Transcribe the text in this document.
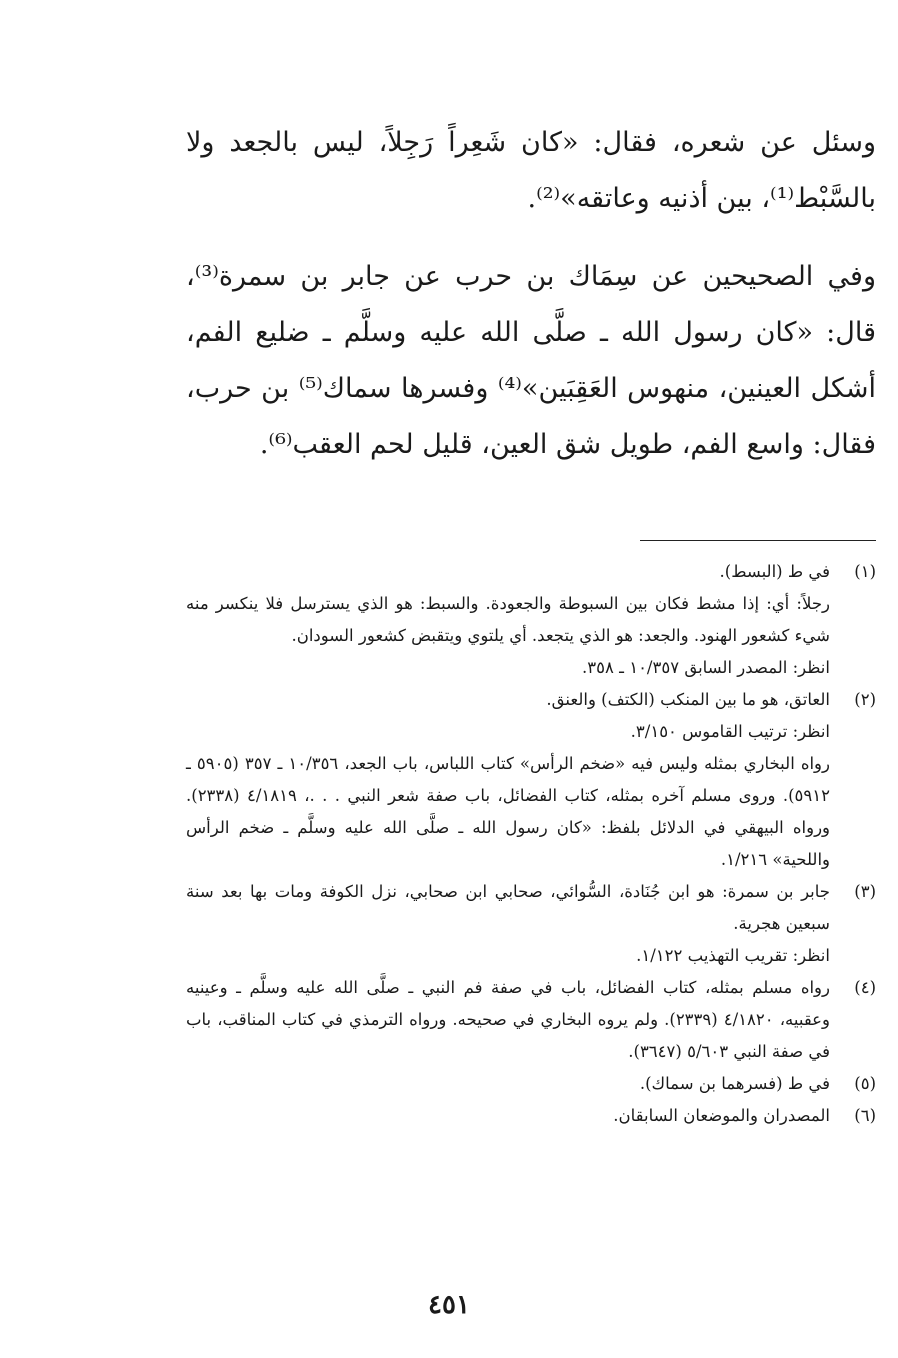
وسئل عن شعره، فقال: «كان شَعِراً رَجِلاً، ليس بالجعد ولا بالسَّبْط⁽¹⁾، بين أذنيه وعاتقه»⁽²⁾.

وفي الصحيحين عن سِمَاك بن حرب عن جابر بن سمرة⁽³⁾، قال: «كان رسول الله ـ صلَّى الله عليه وسلَّم ـ ضليع الفم، أشكل العينين، منهوس العَقِبَين»⁽⁴⁾ وفسرها سماك⁽⁵⁾ بن حرب، فقال: واسع الفم، طويل شق العين، قليل لحم العقب⁽⁶⁾.

(١)
في ط (البسط).
رجلاً: أي: إذا مشط فكان بين السبوطة والجعودة. والسبط: هو الذي يسترسل فلا ينكسر منه شيء كشعور الهنود. والجعد: هو الذي يتجعد. أي يلتوي ويتقبض كشعور السودان.
انظر: المصدر السابق ١٠/٣٥٧ ـ ٣٥٨.
(٢)
العاتق، هو ما بين المنكب (الكتف) والعنق.
انظر: ترتيب القاموس ٣/١٥٠.
رواه البخاري بمثله وليس فيه «ضخم الرأس» كتاب اللباس، باب الجعد، ١٠/٣٥٦ ـ ٣٥٧ (٥٩٠٥ ـ ٥٩١٢). وروى مسلم آخره بمثله، كتاب الفضائل، باب صفة شعر النبي . . .، ٤/١٨١٩ (٢٣٣٨). ورواه البيهقي في الدلائل بلفظ: «كان رسول الله ـ صلَّى الله عليه وسلَّم ـ ضخم الرأس واللحية» ١/٢١٦.
(٣)
جابر بن سمرة: هو ابن جُنَادة، السُّوائي، صحابي ابن صحابي، نزل الكوفة ومات بها بعد سنة سبعين هجرية.
انظر: تقريب التهذيب ١/١٢٢.
(٤)
رواه مسلم بمثله، كتاب الفضائل، باب في صفة فم النبي ـ صلَّى الله عليه وسلَّم ـ وعينيه وعقبيه، ٤/١٨٢٠ (٢٣٣٩). ولم يروه البخاري في صحيحه. ورواه الترمذي في كتاب المناقب، باب في صفة النبي ٥/٦٠٣ (٣٦٤٧).
(٥)
في ط (فسرهما بن سماك).
(٦)
المصدران والموضعان السابقان.
٤٥١
